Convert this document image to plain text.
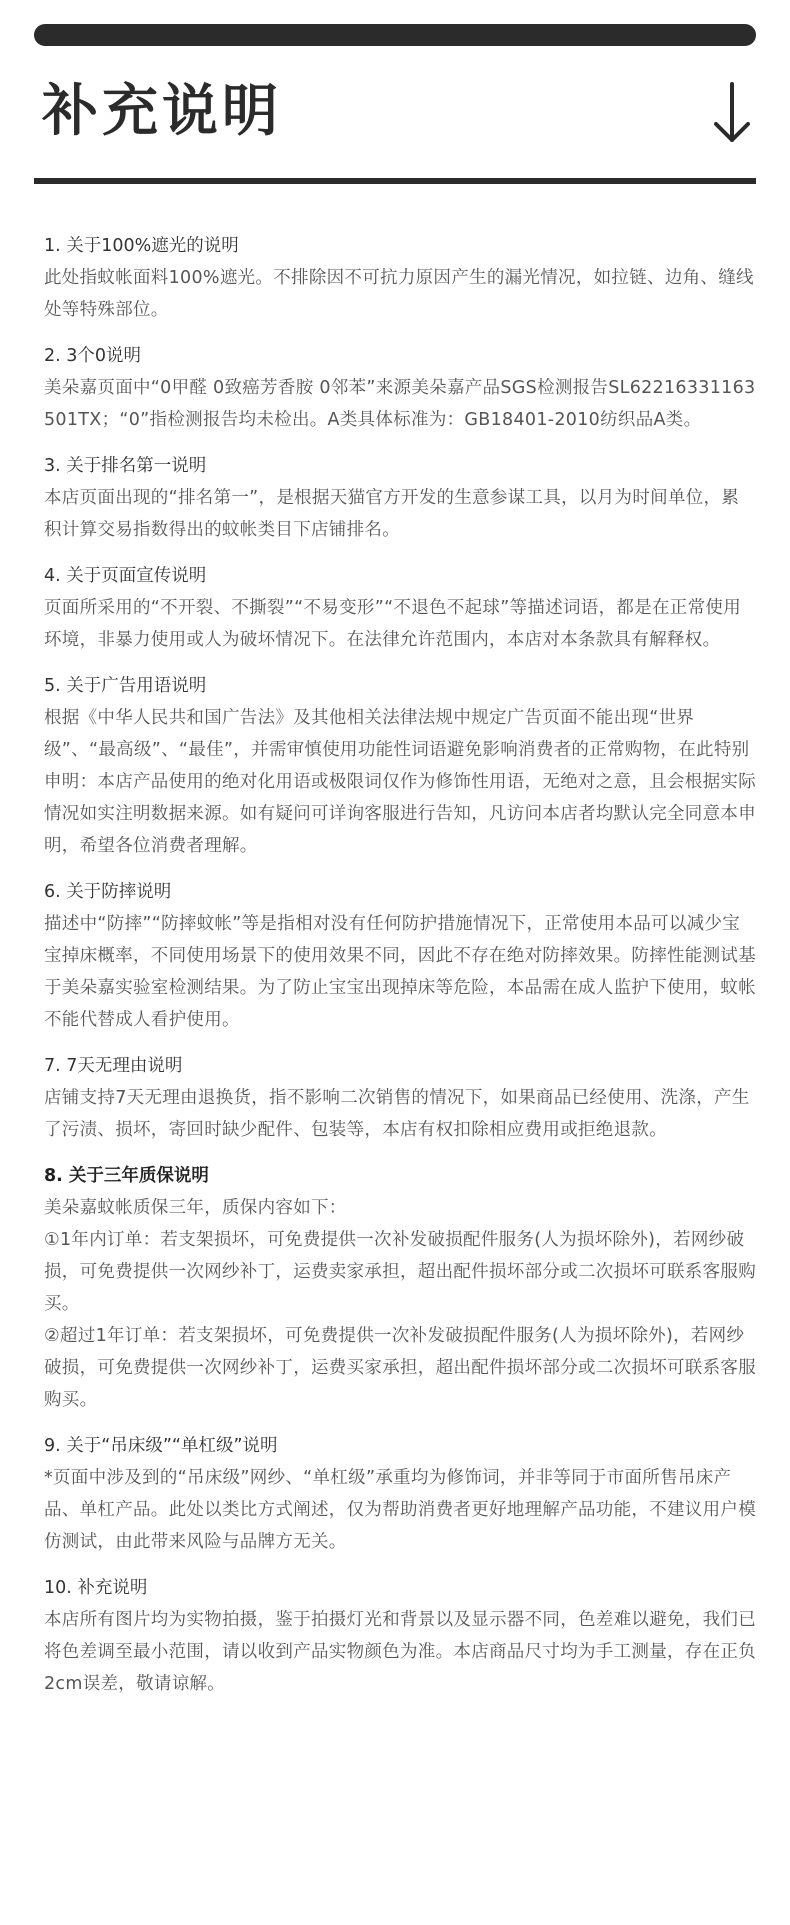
补充说明
1. 关于100%遮光的说明

此处指蚊帐面料100%遮光。不排除因不可抗力原因产生的漏光情况，如拉链、边角、缝线处等特殊部位。

2. 3个0说明

美朵嘉页面中“0甲醛 0致癌芳香胺 0邻苯”来源美朵嘉产品SGS检测报告SL62216331163501TX；“0”指检测报告均未检出。A类具体标准为：GB18401-2010纺织品A类。

3. 关于排名第一说明

本店页面出现的“排名第一”，是根据天猫官方开发的生意参谋工具，以月为时间单位，累积计算交易指数得出的蚊帐类目下店铺排名。

4. 关于页面宣传说明

页面所采用的“不开裂、不撕裂”“不易变形”“不退色不起球”等描述词语，都是在正常使用环境，非暴力使用或人为破坏情况下。在法律允许范围内，本店对本条款具有解释权。

5. 关于广告用语说明

根据《中华人民共和国广告法》及其他相关法律法规中规定广告页面不能出现“世界级”、“最高级”、“最佳”，并需审慎使用功能性词语避免影响消费者的正常购物，在此特别申明：本店产品使用的绝对化用语或极限词仅作为修饰性用语，无绝对之意，且会根据实际情况如实注明数据来源。如有疑问可详询客服进行告知，凡访问本店者均默认完全同意本申明，希望各位消费者理解。

6. 关于防摔说明

描述中“防摔”“防摔蚊帐”等是指相对没有任何防护措施情况下，正常使用本品可以减少宝宝掉床概率，不同使用场景下的使用效果不同，因此不存在绝对防摔效果。防摔性能测试基于美朵嘉实验室检测结果。为了防止宝宝出现掉床等危险，本品需在成人监护下使用，蚊帐不能代替成人看护使用。

7. 7天无理由说明

店铺支持7天无理由退换货，指不影响二次销售的情况下，如果商品已经使用、洗涤，产生了污渍、损坏，寄回时缺少配件、包装等，本店有权扣除相应费用或拒绝退款。

8. 关于三年质保说明

美朵嘉蚊帐质保三年，质保内容如下：

①1年内订单：若支架损坏，可免费提供一次补发破损配件服务(人为损坏除外)，若网纱破损，可免费提供一次网纱补丁，运费卖家承担，超出配件损坏部分或二次损坏可联系客服购买。

②超过1年订单：若支架损坏，可免费提供一次补发破损配件服务(人为损坏除外)，若网纱破损，可免费提供一次网纱补丁，运费买家承担，超出配件损坏部分或二次损坏可联系客服购买。

9. 关于“吊床级”“单杠级”说明

*页面中涉及到的“吊床级”网纱、“单杠级”承重均为修饰词，并非等同于市面所售吊床产品、单杠产品。此处以类比方式阐述，仅为帮助消费者更好地理解产品功能，不建议用户模仿测试，由此带来风险与品牌方无关。

10. 补充说明

本店所有图片均为实物拍摄，鉴于拍摄灯光和背景以及显示器不同，色差难以避免，我们已将色差调至最小范围，请以收到产品实物颜色为准。本店商品尺寸均为手工测量，存在正负2cm误差，敬请谅解。
